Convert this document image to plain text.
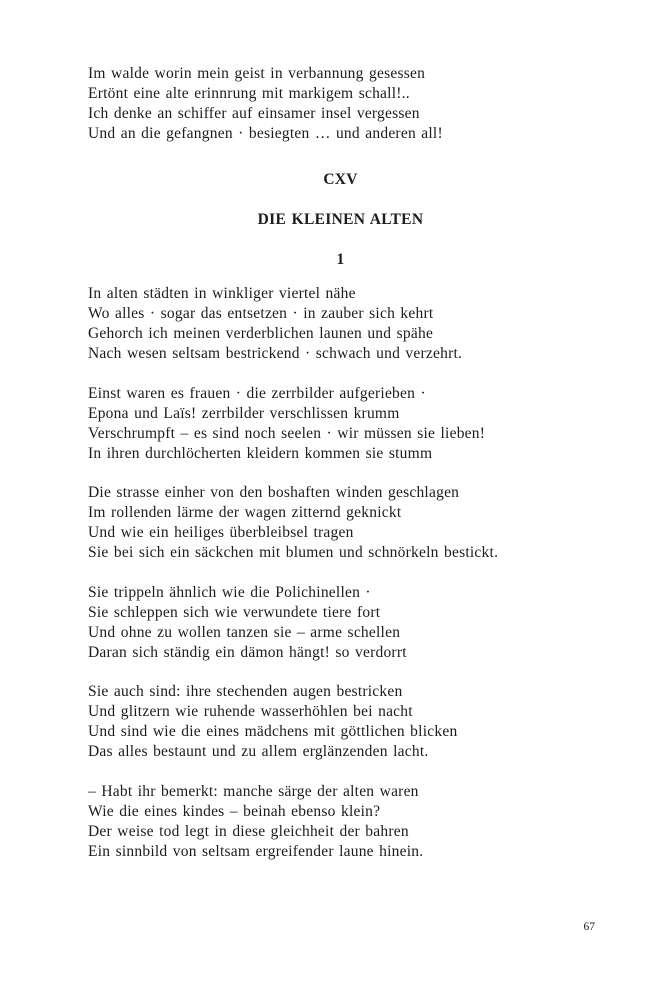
Im walde worin mein geist in verbannung gesessen
Ertönt eine alte erinnrung mit markigem schall!..
Ich denke an schiffer auf einsamer insel vergessen
Und an die gefangnen · besiegten … und anderen all!
CXV
DIE KLEINEN ALTEN
1
In alten städten in winkliger viertel nähe
Wo alles · sogar das entsetzen · in zauber sich kehrt
Gehorch ich meinen verderblichen launen und spähe
Nach wesen seltsam bestrickend · schwach und verzehrt.
Einst waren es frauen · die zerrbilder aufgerieben ·
Epona und Laïs! zerrbilder verschlissen krumm
Verschrumpft – es sind noch seelen · wir müssen sie lieben!
In ihren durchlöcherten kleidern kommen sie stumm
Die strasse einher von den boshaften winden geschlagen
Im rollenden lärme der wagen zitternd geknickt
Und wie ein heiliges überbleibsel tragen
Sie bei sich ein säckchen mit blumen und schnörkeln bestickt.
Sie trippeln ähnlich wie die Polichinellen ·
Sie schleppen sich wie verwundete tiere fort
Und ohne zu wollen tanzen sie – arme schellen
Daran sich ständig ein dämon hängt! so verdorrt
Sie auch sind: ihre stechenden augen bestricken
Und glitzern wie ruhende wasserhöhlen bei nacht
Und sind wie die eines mädchens mit göttlichen blicken
Das alles bestaunt und zu allem erglänzenden lacht.
– Habt ihr bemerkt: manche särge der alten waren
Wie die eines kindes – beinah ebenso klein?
Der weise tod legt in diese gleichheit der bahren
Ein sinnbild von seltsam ergreifender laune hinein.
67
